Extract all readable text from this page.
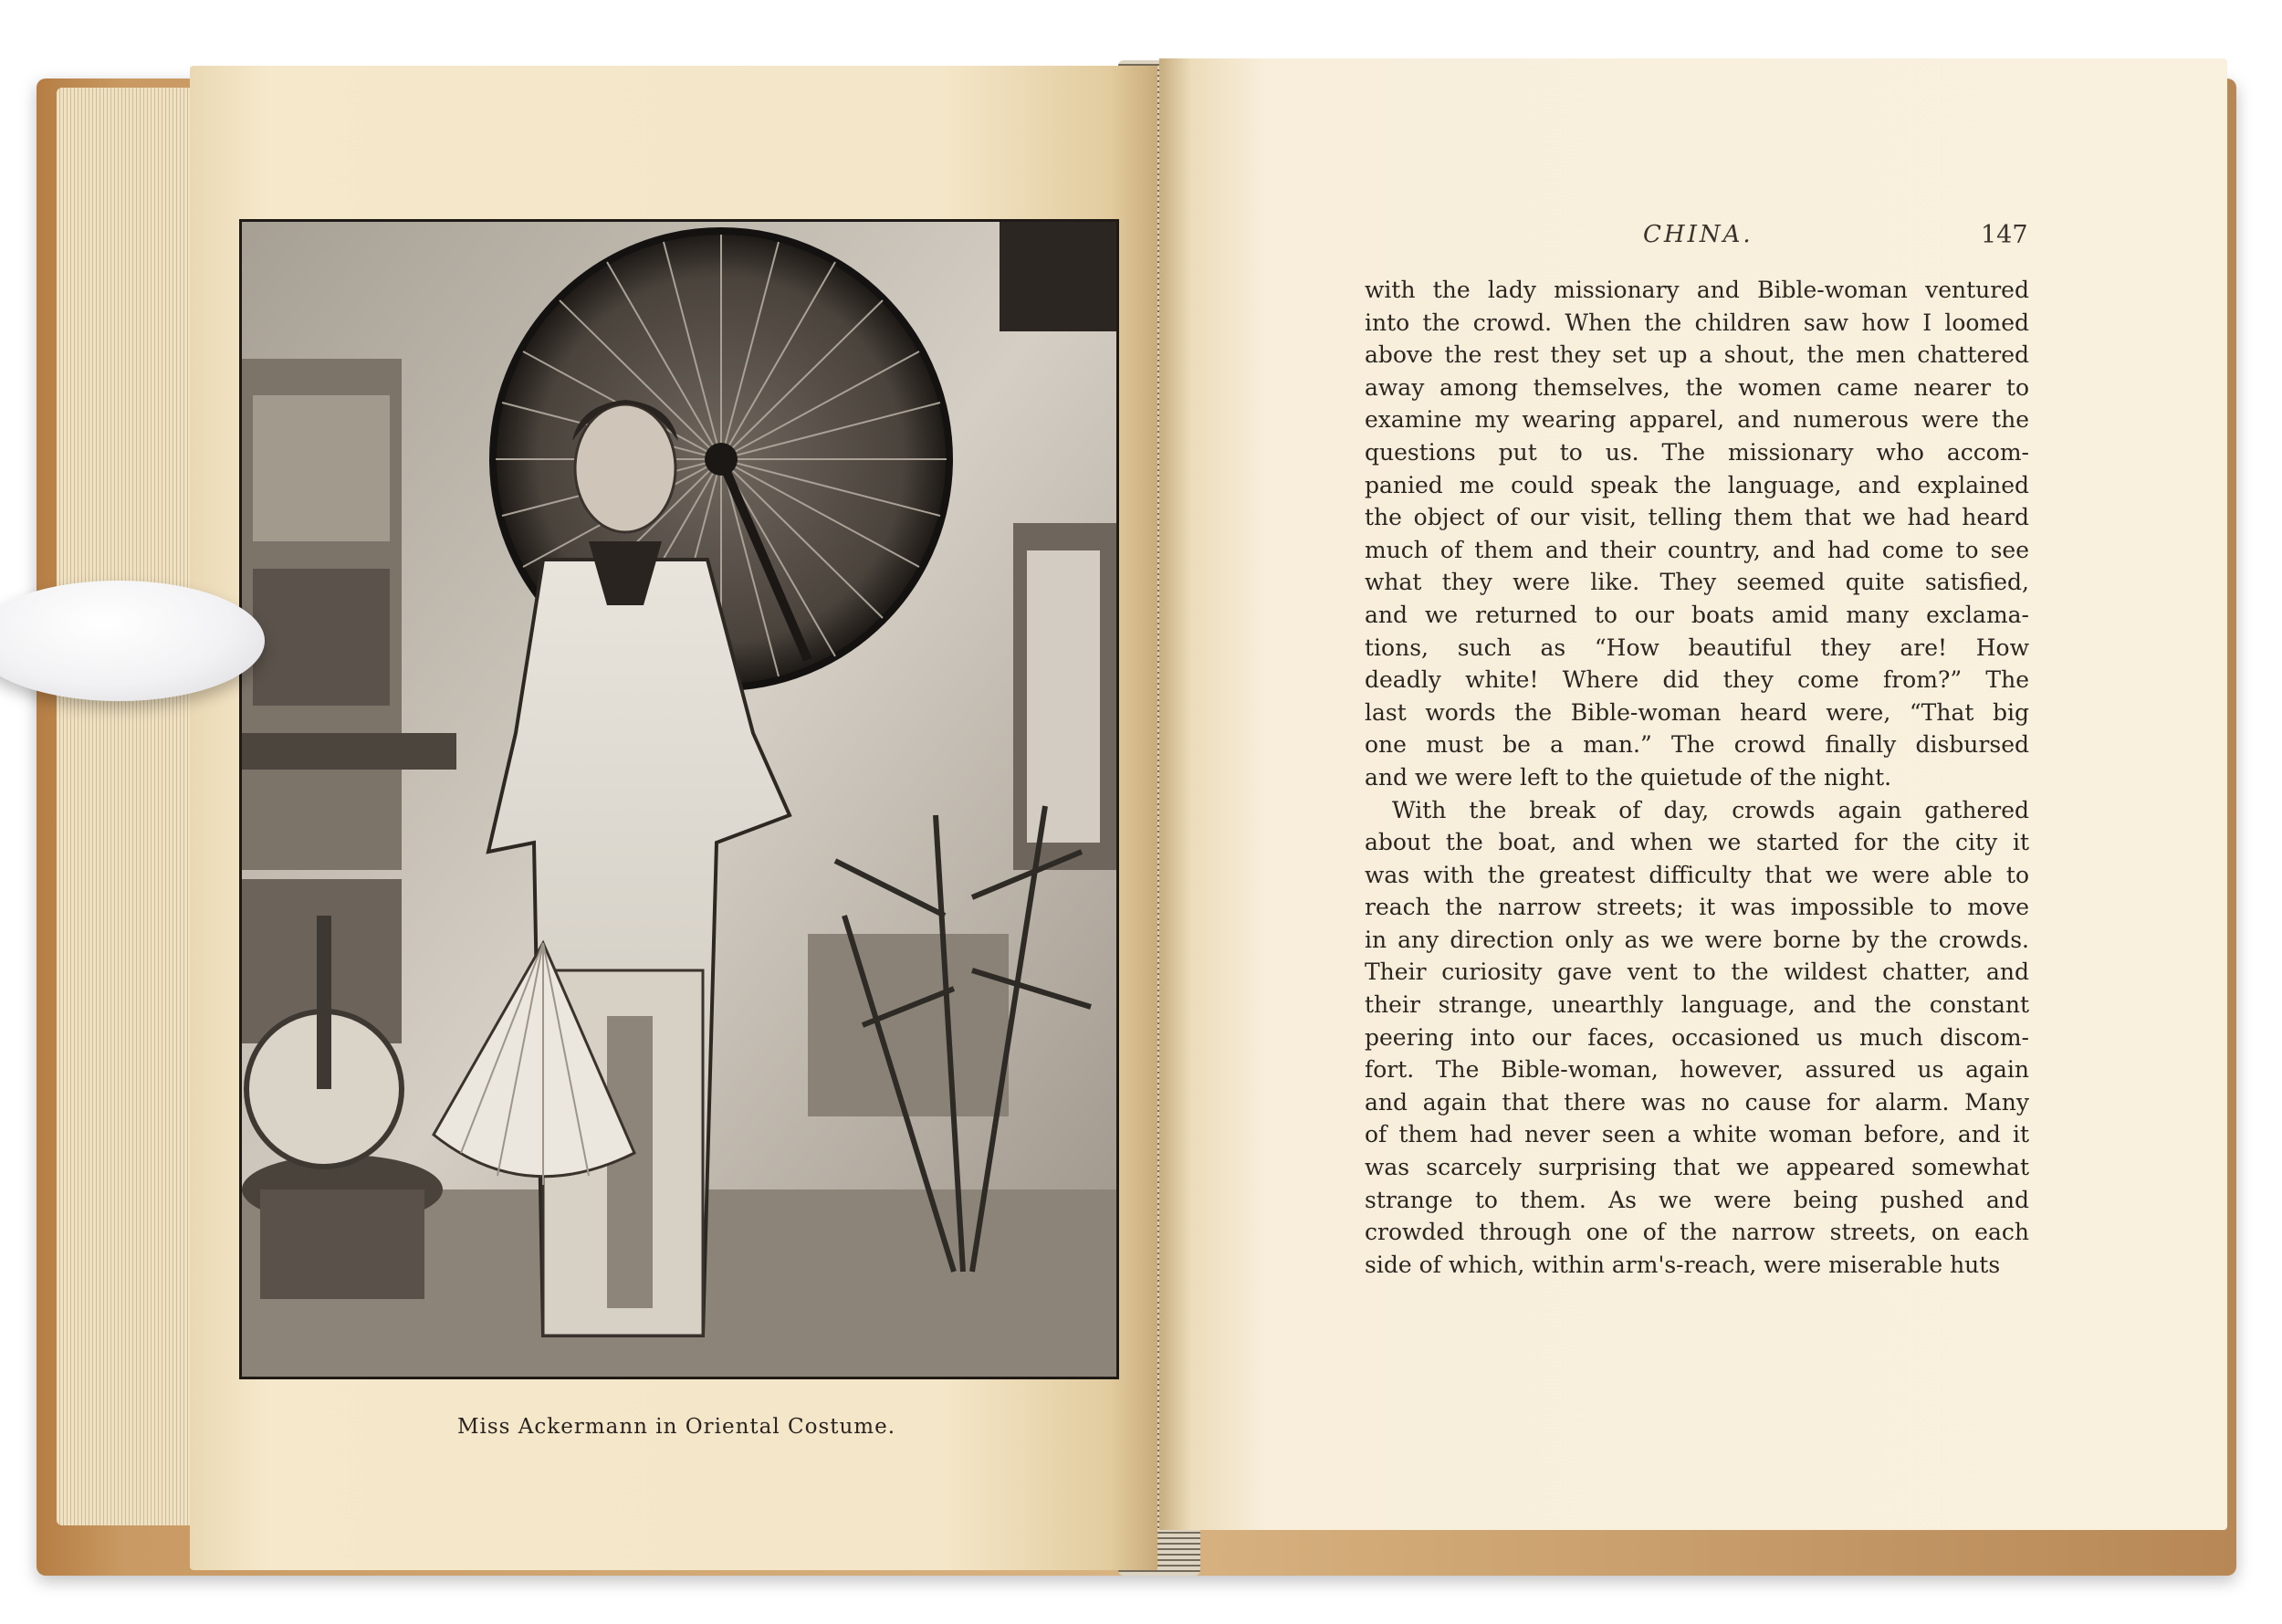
Miss Ackermann in Oriental Costume.
CHINA.	147
with the lady missionary and Bible-woman ventured
into the crowd. When the children saw how I loomed
above the rest they set up a shout, the men chattered
away among themselves, the women came nearer to
examine my wearing apparel, and numerous were the
questions put to us. The missionary who accom-
panied me could speak the language, and explained
the object of our visit, telling them that we had heard
much of them and their country, and had come to see
what they were like. They seemed quite satisfied,
and we returned to our boats amid many exclama-
tions, such as “How beautiful they are! How
deadly white! Where did they come from?” The
last words the Bible-woman heard were, “That big
one must be a man.” The crowd finally disbursed
and we were left to the quietude of the night.
With the break of day, crowds again gathered
about the boat, and when we started for the city it
was with the greatest difficulty that we were able to
reach the narrow streets; it was impossible to move
in any direction only as we were borne by the crowds.
Their curiosity gave vent to the wildest chatter, and
their strange, unearthly language, and the constant
peering into our faces, occasioned us much discom-
fort. The Bible-woman, however, assured us again
and again that there was no cause for alarm. Many
of them had never seen a white woman before, and it
was scarcely surprising that we appeared somewhat
strange to them. As we were being pushed and
crowded through one of the narrow streets, on each
side of which, within arm's-reach, were miserable huts
